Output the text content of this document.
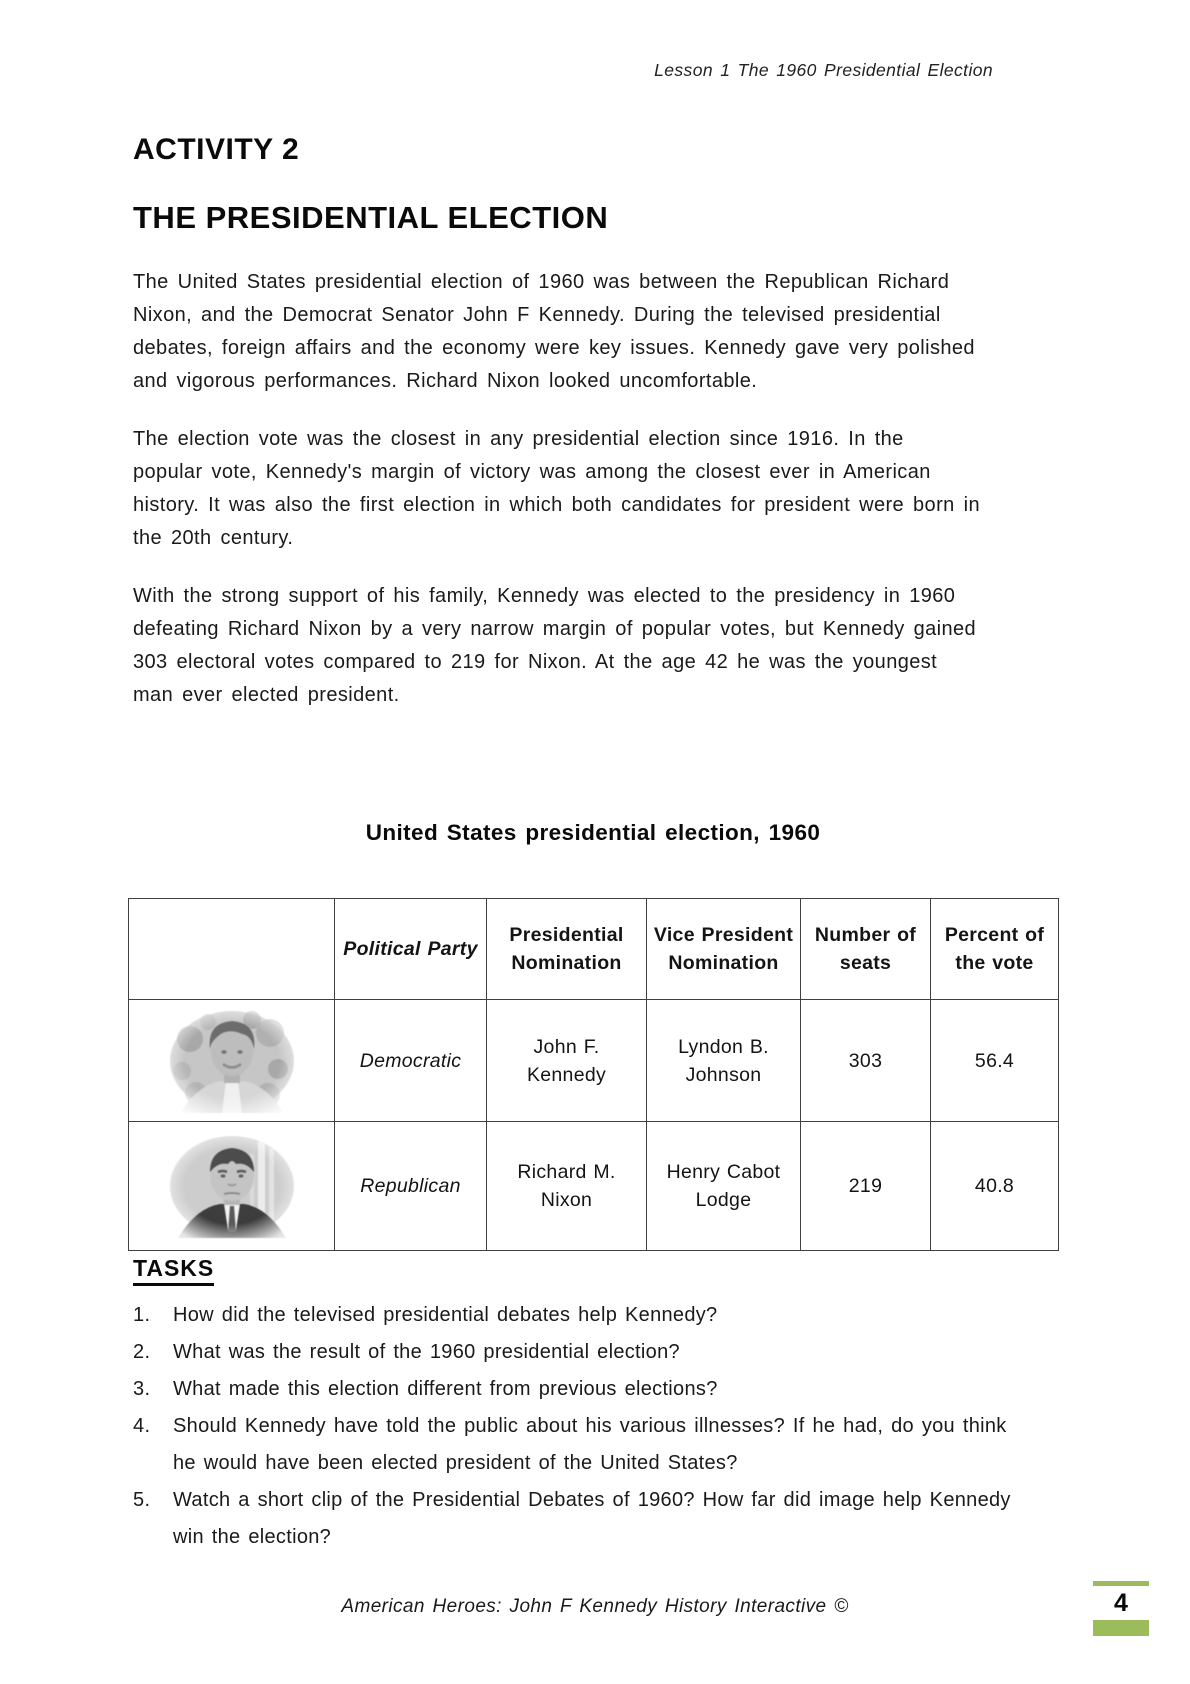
Lesson 1 The 1960 Presidential Election
ACTIVITY 2
THE PRESIDENTIAL ELECTION

The United States presidential election of 1960 was between the Republican Richard Nixon, and the Democrat Senator John F Kennedy. During the televised presidential debates, foreign affairs and the economy were key issues. Kennedy gave very polished and vigorous performances. Richard Nixon looked uncomfortable.

The election vote was the closest in any presidential election since 1916. In the popular vote, Kennedy's margin of victory was among the closest ever in American history. It was also the first election in which both candidates for president were born in the 20th century.

With the strong support of his family, Kennedy was elected to the presidency in 1960 defeating Richard Nixon by a very narrow margin of popular votes, but Kennedy gained 303 electoral votes compared to 219 for Nixon. At the age 42 he was the youngest man ever elected president.

United States presidential election, 1960
	Political Party	Presidential Nomination	Vice President Nomination	Number of seats	Percent of the vote

	Democratic	John F. Kennedy	Lyndon B. Johnson	303	56.4

	Republican	Richard M. Nixon	Henry Cabot Lodge	219	40.8
TASKS
How did the televised presidential debates help Kennedy?
What was the result of the 1960 presidential election?
What made this election different from previous elections?
Should Kennedy have told the public about his various illnesses? If he had, do you think he would have been elected president of the United States?
Watch a short clip of the Presidential Debates of 1960? How far did image help Kennedy win the election?
American Heroes: John F Kennedy History Interactive ©	4
